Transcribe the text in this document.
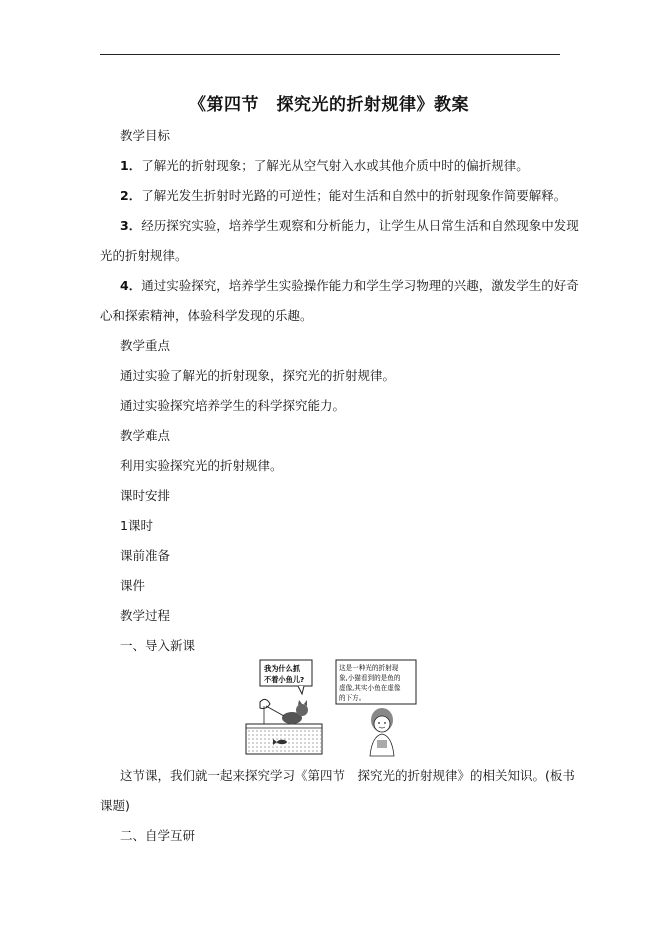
《第四节　探究光的折射规律》教案
教学目标
1．了解光的折射现象；了解光从空气射入水或其他介质中时的偏折规律。
2．了解光发生折射时光路的可逆性；能对生活和自然中的折射现象作简要解释。
3．经历探究实验，培养学生观察和分析能力，让学生从日常生活和自然现象中发现
光的折射规律。
4．通过实验探究，培养学生实验操作能力和学生学习物理的兴趣，激发学生的好奇
心和探索精神，体验科学发现的乐趣。
教学重点
通过实验了解光的折射现象，探究光的折射规律。
通过实验探究培养学生的科学探究能力。
教学难点
利用实验探究光的折射规律。
课时安排
1课时
课前准备
课件
教学过程
一、导入新课
我为什么抓
不着小鱼儿?
这是一种光的折射现
象,小猫看到的是鱼的
虚像,其实小鱼在虚像
的下方。
这节课，我们就一起来探究学习《第四节　探究光的折射规律》的相关知识。(板书
课题)
二、自学互研
